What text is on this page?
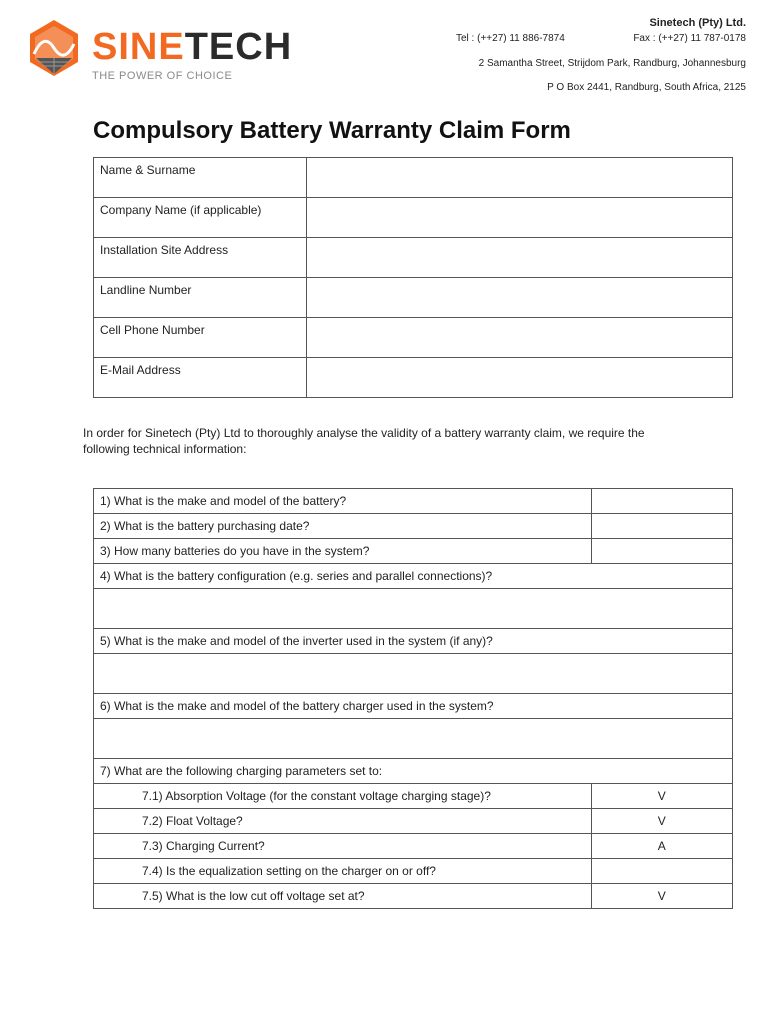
SINETECH
THE POWER OF CHOICE
Sinetech (Pty) Ltd.
Tel : (++27) 11 886-7874	Fax : (++27) 11 787-0178
2 Samantha Street, Strijdom Park, Randburg, Johannesburg
P O Box 2441, Randburg, South Africa, 2125
Compulsory Battery Warranty Claim Form
Name & Surname	
Company Name (if applicable)	
Installation Site Address	
Landline Number	
Cell Phone Number	
E-Mail Address	
In order for Sinetech (Pty) Ltd to thoroughly analyse the validity of a battery warranty claim, we require the following technical information:
1) What is the make and model of the battery?	
2) What is the battery purchasing date?	
3) How many batteries do you have in the system?	
4) What is the battery configuration (e.g. series and parallel connections)?	

5) What is the make and model of the inverter used in the system (if any)?	

6) What is the make and model of the battery charger used in the system?	

7) What are the following charging parameters set to:	
7.1) Absorption Voltage (for the constant voltage charging stage)?	V
7.2) Float Voltage?	V
7.3) Charging Current?	A
7.4) Is the equalization setting on the charger on or off?	
7.5) What is the low cut off voltage set at?	V
